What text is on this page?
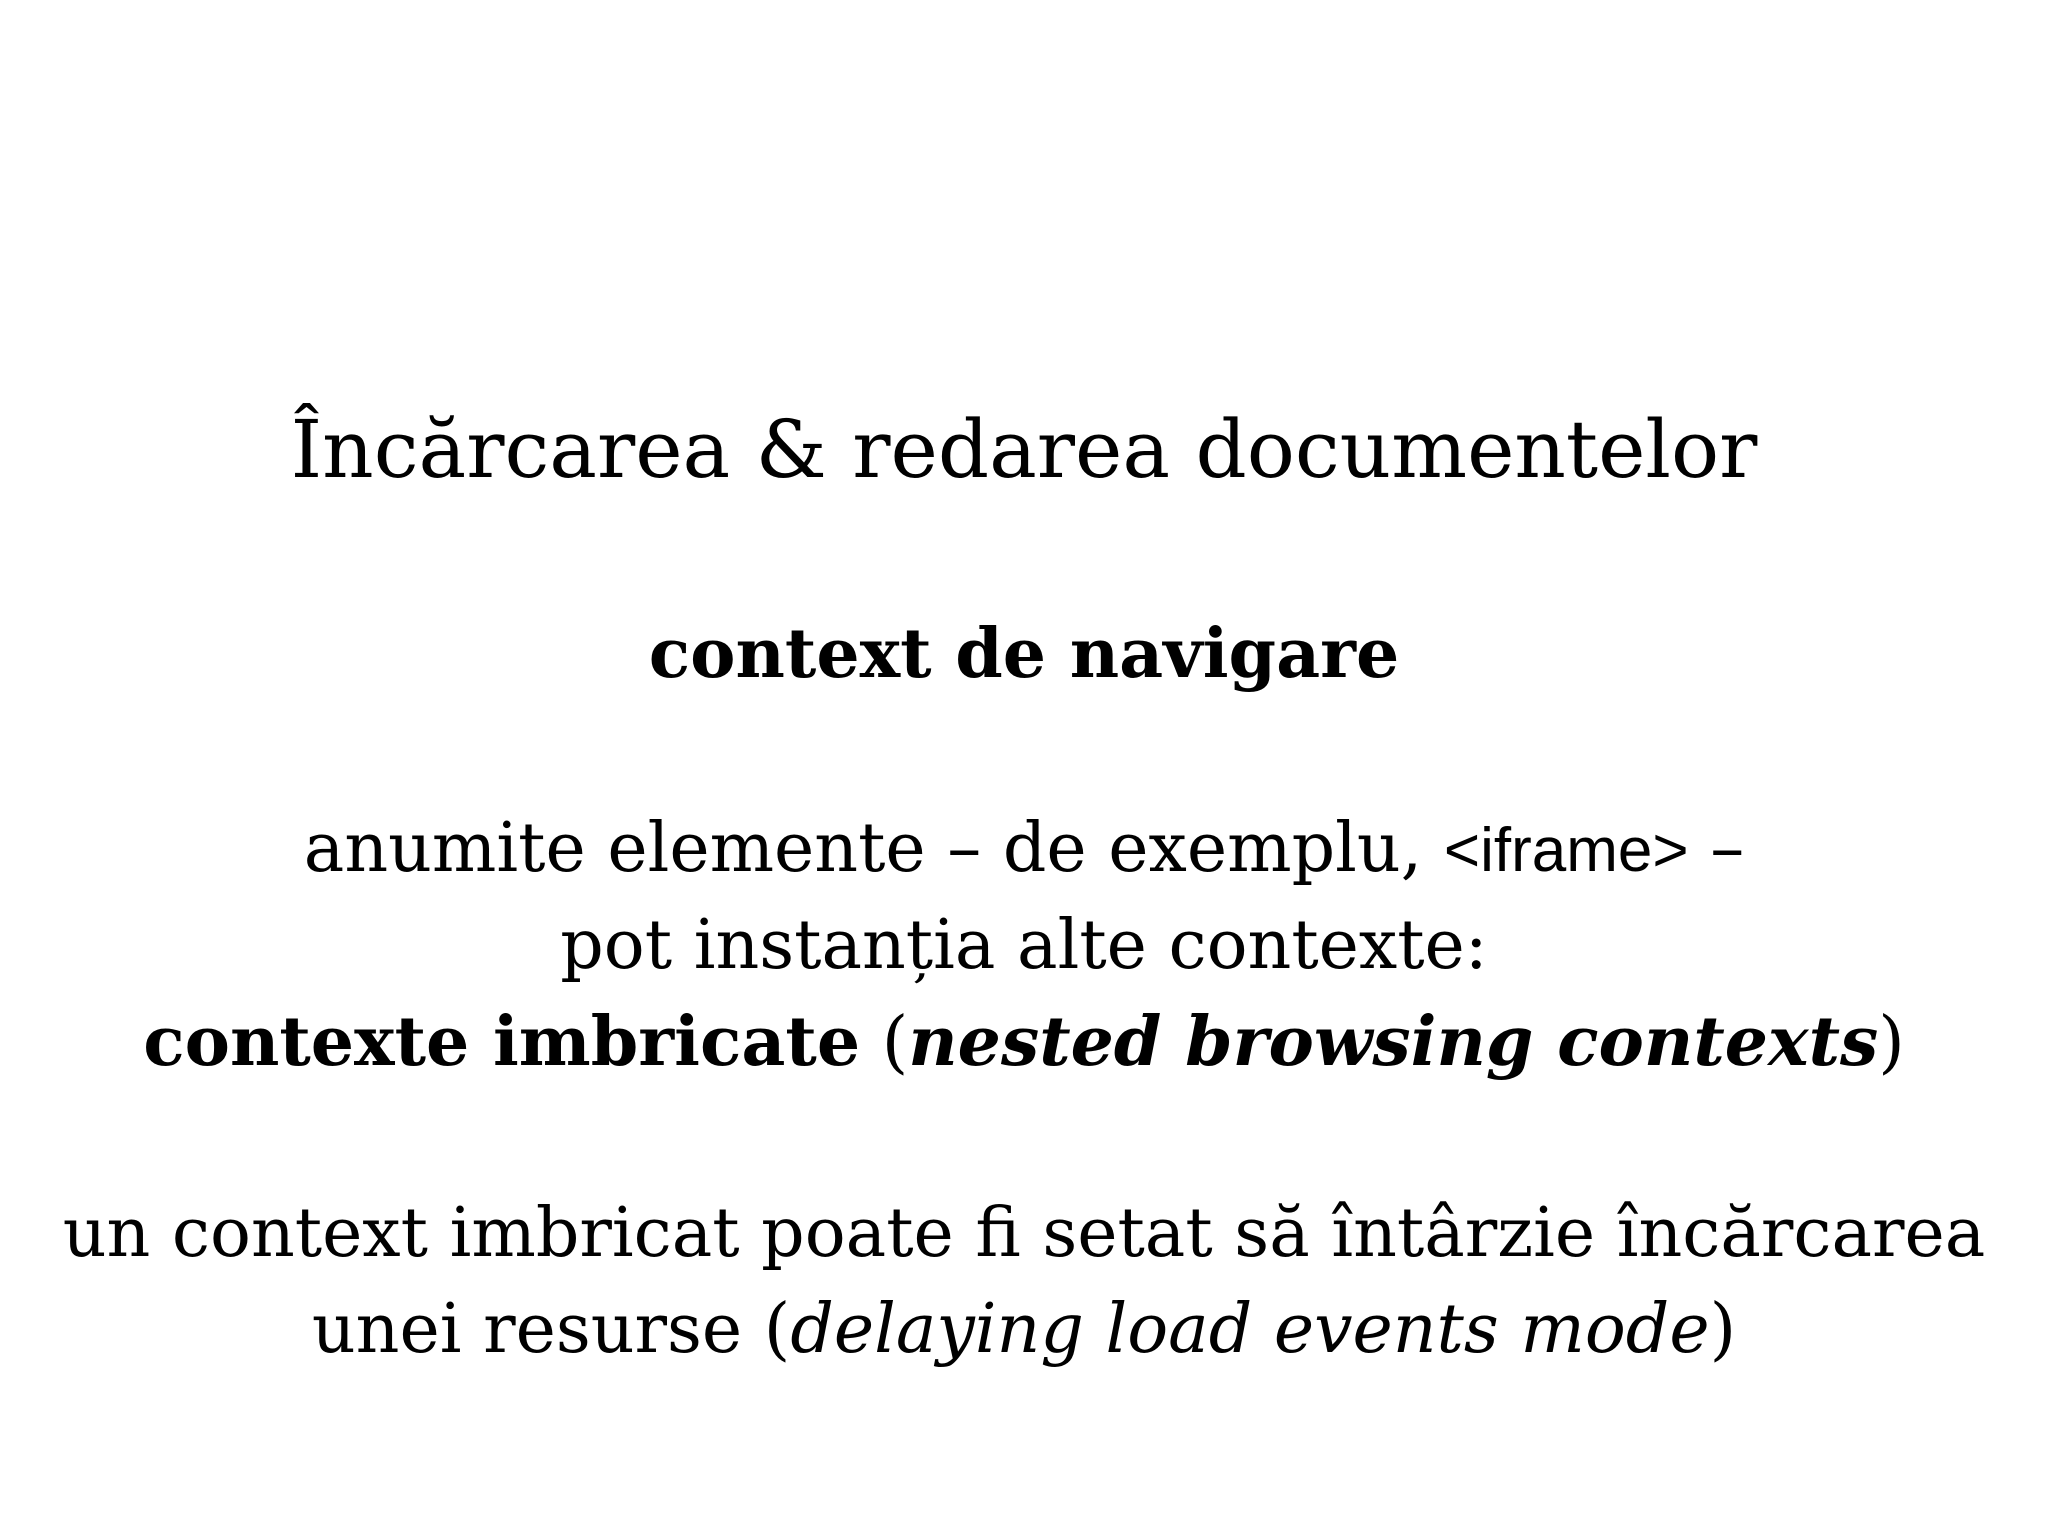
Încărcarea & redarea documentelor
context de navigare
anumite elemente – de exemplu, <iframe> –
pot instanția alte contexte:
contexte imbricate (nested browsing contexts)
un context imbricat poate fi setat să întârzie încărcarea
unei resurse (delaying load events mode)
